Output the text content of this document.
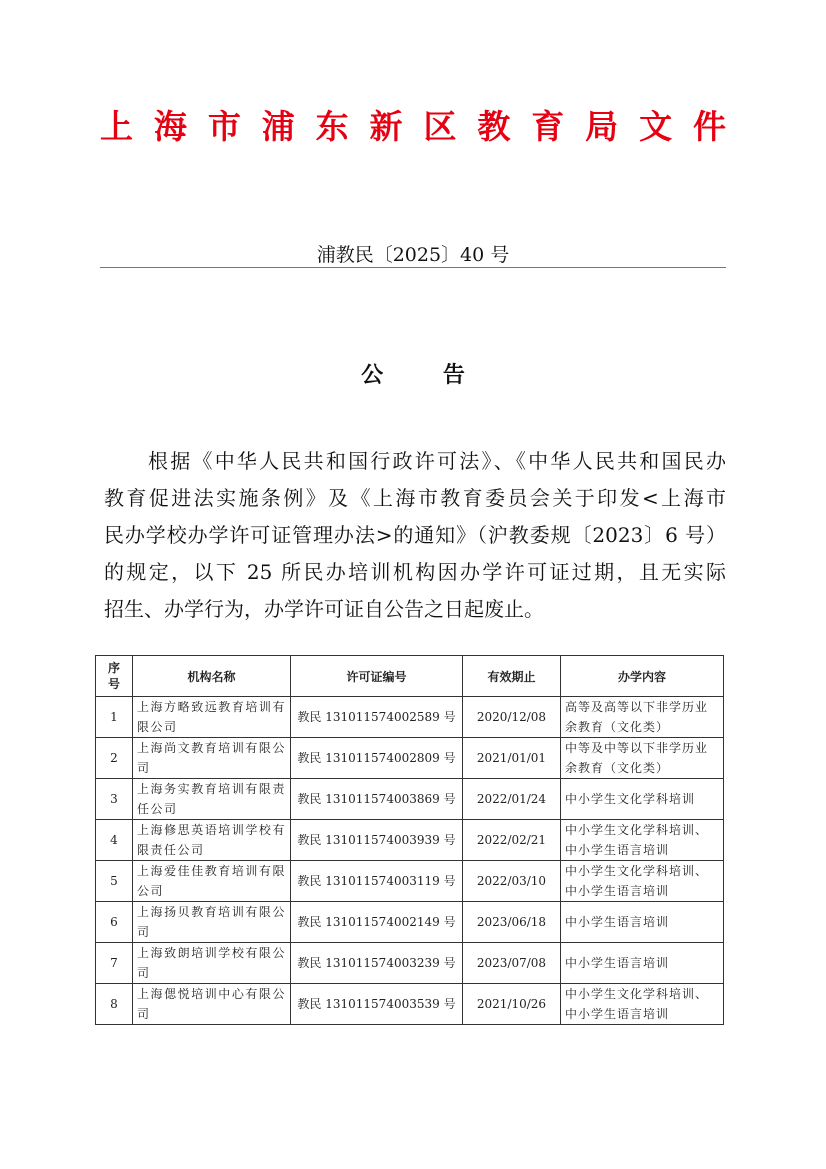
上 海 市 浦 东 新 区 教 育 局 文 件
浦教民〔2025〕40 号
公 告

根据《中华人民共和国行政许可法》、《中华人民共和国民办
教育促进法实施条例》及《上海市教育委员会关于印发<上海市
民办学校办学许可证管理办法>的通知》（沪教委规〔2023〕6 号）
的规定，以下 25 所民办培训机构因办学许可证过期，且无实际
招生、办学行为，办学许可证自公告之日起废止。

序
号	机构名称	许可证编号	有效期止	办学内容
1	上海方略致远教育培训有限公司	教民 131011574002589 号	2020/12/08	高等及高等以下非学历业余教育（文化类）
2	上海尚文教育培训有限公司	教民 131011574002809 号	2021/01/01	中等及中等以下非学历业余教育（文化类）
3	上海务实教育培训有限责任公司	教民 131011574003869 号	2022/01/24	中小学生文化学科培训
4	上海修思英语培训学校有限责任公司	教民 131011574003939 号	2022/02/21	中小学生文化学科培训、中小学生语言培训
5	上海爱佳佳教育培训有限公司	教民 131011574003119 号	2022/03/10	中小学生文化学科培训、中小学生语言培训
6	上海扬贝教育培训有限公司	教民 131011574002149 号	2023/06/18	中小学生语言培训
7	上海致朗培训学校有限公司	教民 131011574003239 号	2023/07/08	中小学生语言培训
8	上海偲悦培训中心有限公司	教民 131011574003539 号	2021/10/26	中小学生文化学科培训、中小学生语言培训
